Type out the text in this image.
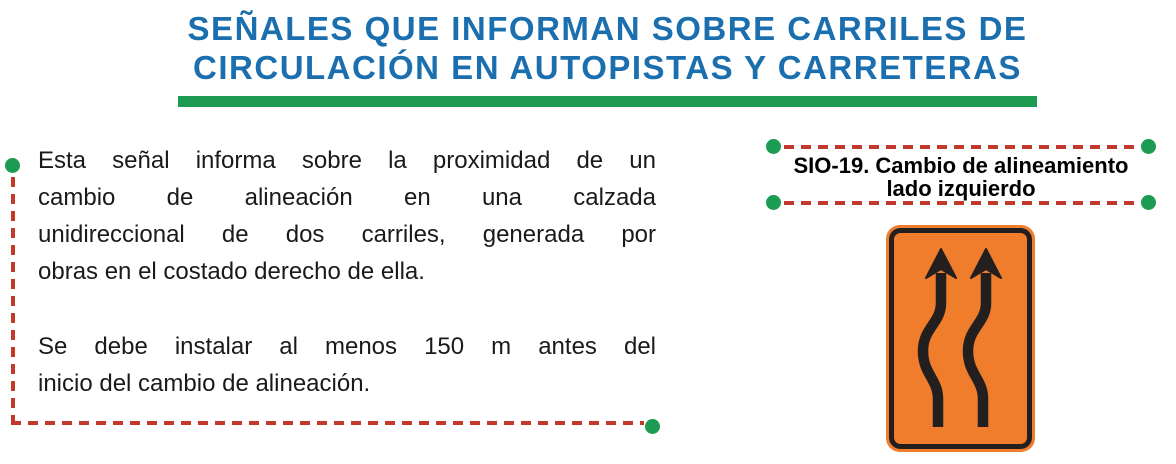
SEÑALES QUE INFORMAN SOBRE CARRILES DE
CIRCULACIÓN EN AUTOPISTAS Y CARRETERAS
Esta señal informa sobre la proximidad de un
cambio de alineación en una calzada
unidireccional de dos carriles, generada por
obras en el costado derecho de ella.
Se debe instalar al menos 150 m antes del
inicio del cambio de alineación.
SIO-19. Cambio de alineamiento
lado izquierdo
